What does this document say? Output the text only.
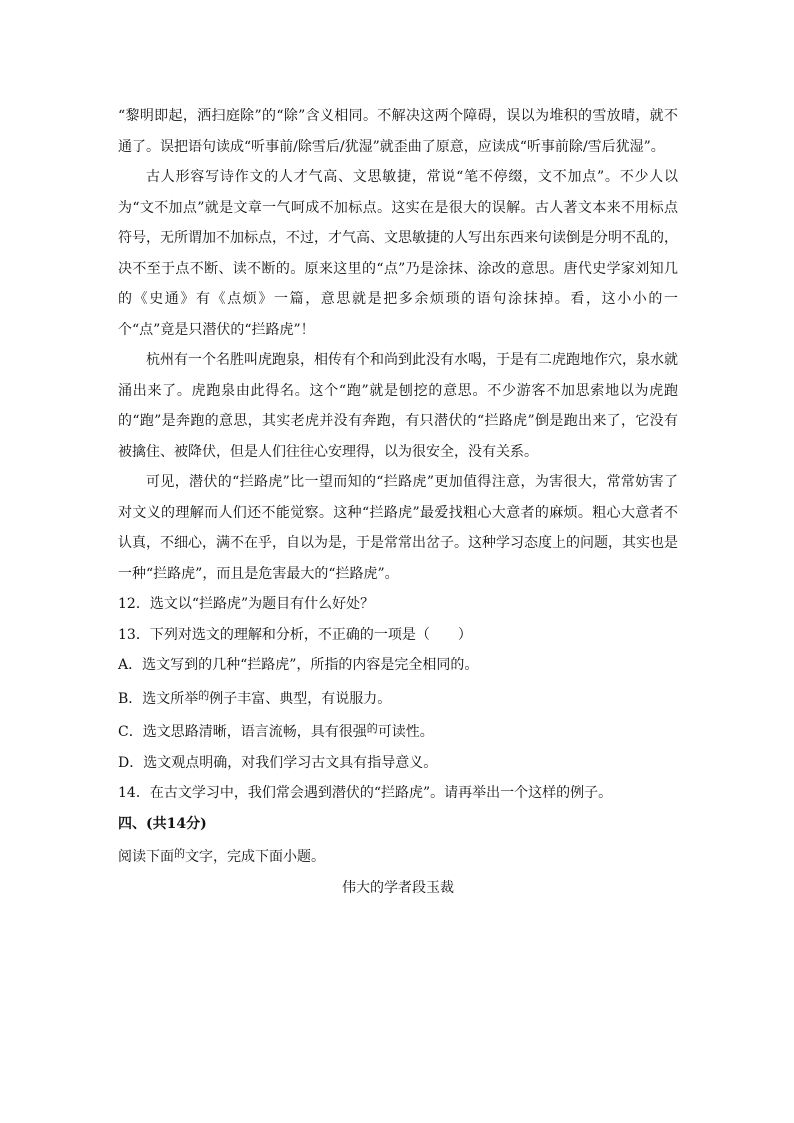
“黎明即起，洒扫庭除”的“除”含义相同。不解决这两个障碍，误以为堆积的雪放晴，就不通了。误把语句读成“听事前/除雪后/犹湿”就歪曲了原意，应读成“听事前除/雪后犹湿”。

古人形容写诗作文的人才气高、文思敏捷，常说“笔不停缀，文不加点”。不少人以为“文不加点”就是文章一气呵成不加标点。这实在是很大的误解。古人著文本来不用标点符号，无所谓加不加标点，不过，才气高、文思敏捷的人写出东西来句读倒是分明不乱的，决不至于点不断、读不断的。原来这里的“点”乃是涂抹、涂改的意思。唐代史学家刘知几的《史通》有《点烦》一篇，意思就是把多余烦琐的语句涂抹掉。看，这小小的一个“点”竟是只潜伏的“拦路虎”！

杭州有一个名胜叫虎跑泉，相传有个和尚到此没有水喝，于是有二虎跑地作穴，泉水就涌出来了。虎跑泉由此得名。这个“跑”就是刨挖的意思。不少游客不加思索地以为虎跑的“跑”是奔跑的意思，其实老虎并没有奔跑，有只潜伏的“拦路虎”倒是跑出来了，它没有被擒住、被降伏，但是人们往往心安理得，以为很安全，没有关系。

可见，潜伏的“拦路虎”比一望而知的“拦路虎”更加值得注意，为害很大，常常妨害了对文义的理解而人们还不能觉察。这种“拦路虎”最爱找粗心大意者的麻烦。粗心大意者不认真，不细心，满不在乎，自以为是，于是常常出岔子。这种学习态度上的问题，其实也是一种“拦路虎”，而且是危害最大的“拦路虎”。

12．选文以“拦路虎”为题目有什么好处？

13．下列对选文的理解和分析，不正确的一项是（　　）

A．选文写到的几种“拦路虎”，所指的内容是完全相同的。

B．选文所举$^的$例子丰富、典型，有说服力。

C．选文思路清晰，语言流畅，具有很强$^的$可读性。

D．选文观点明确，对我们学习古文具有指导意义。

14．在古文学习中，我们常会遇到潜伏的“拦路虎”。请再举出一个这样的例子。

四、(共14分)

阅读下面$^的$文字，完成下面小题。

伟大的学者段玉裁
